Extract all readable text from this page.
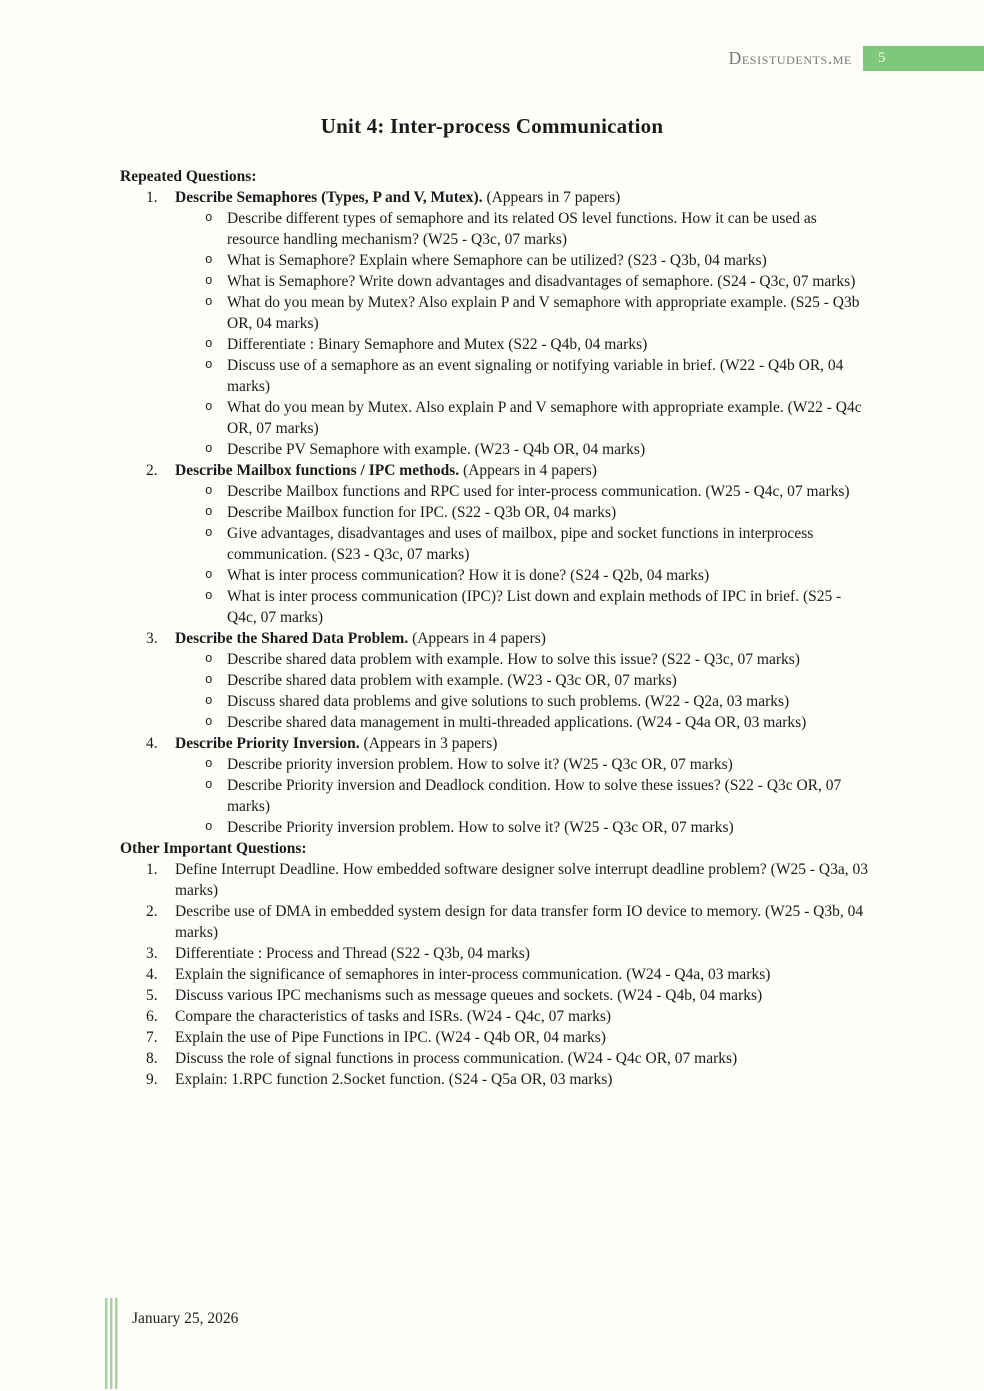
Desistudents.me 5
Unit 4: Inter-process Communication
Repeated Questions:
1.	Describe Semaphores (Types, P and V, Mutex). (Appears in 7 papers)
o Describe different types of semaphore and its related OS level functions. How it can be used as resource handling mechanism? (W25 - Q3c, 07 marks)
o What is Semaphore? Explain where Semaphore can be utilized? (S23 - Q3b, 04 marks)
o What is Semaphore? Write down advantages and disadvantages of semaphore. (S24 - Q3c, 07 marks)
o What do you mean by Mutex? Also explain P and V semaphore with appropriate example. (S25 - Q3b OR, 04 marks)
o Differentiate : Binary Semaphore and Mutex (S22 - Q4b, 04 marks)
o Discuss use of a semaphore as an event signaling or notifying variable in brief. (W22 - Q4b OR, 04 marks)
o What do you mean by Mutex. Also explain P and V semaphore with appropriate example. (W22 - Q4c OR, 07 marks)
o Describe PV Semaphore with example. (W23 - Q4b OR, 04 marks)
2.	Describe Mailbox functions / IPC methods. (Appears in 4 papers)
o Describe Mailbox functions and RPC used for inter-process communication. (W25 - Q4c, 07 marks)
o Describe Mailbox function for IPC. (S22 - Q3b OR, 04 marks)
o Give advantages, disadvantages and uses of mailbox, pipe and socket functions in interprocess communication. (S23 - Q3c, 07 marks)
o What is inter process communication? How it is done? (S24 - Q2b, 04 marks)
o What is inter process communication (IPC)? List down and explain methods of IPC in brief. (S25 - Q4c, 07 marks)
3.	Describe the Shared Data Problem. (Appears in 4 papers)
o Describe shared data problem with example. How to solve this issue? (S22 - Q3c, 07 marks)
o Describe shared data problem with example. (W23 - Q3c OR, 07 marks)
o Discuss shared data problems and give solutions to such problems. (W22 - Q2a, 03 marks)
o Describe shared data management in multi-threaded applications. (W24 - Q4a OR, 03 marks)
4.	Describe Priority Inversion. (Appears in 3 papers)
o Describe priority inversion problem. How to solve it? (W25 - Q3c OR, 07 marks)
o Describe Priority inversion and Deadlock condition. How to solve these issues? (S22 - Q3c OR, 07 marks)
o Describe Priority inversion problem. How to solve it? (W25 - Q3c OR, 07 marks)
Other Important Questions:
1.	Define Interrupt Deadline. How embedded software designer solve interrupt deadline problem? (W25 - Q3a, 03 marks)
2.	Describe use of DMA in embedded system design for data transfer form IO device to memory. (W25 - Q3b, 04 marks)
3.	Differentiate : Process and Thread (S22 - Q3b, 04 marks)
4.	Explain the significance of semaphores in inter-process communication. (W24 - Q4a, 03 marks)
5.	Discuss various IPC mechanisms such as message queues and sockets. (W24 - Q4b, 04 marks)
6.	Compare the characteristics of tasks and ISRs. (W24 - Q4c, 07 marks)
7.	Explain the use of Pipe Functions in IPC. (W24 - Q4b OR, 04 marks)
8.	Discuss the role of signal functions in process communication. (W24 - Q4c OR, 07 marks)
9.	Explain: 1.RPC function 2.Socket function. (S24 - Q5a OR, 03 marks)
January 25, 2026
